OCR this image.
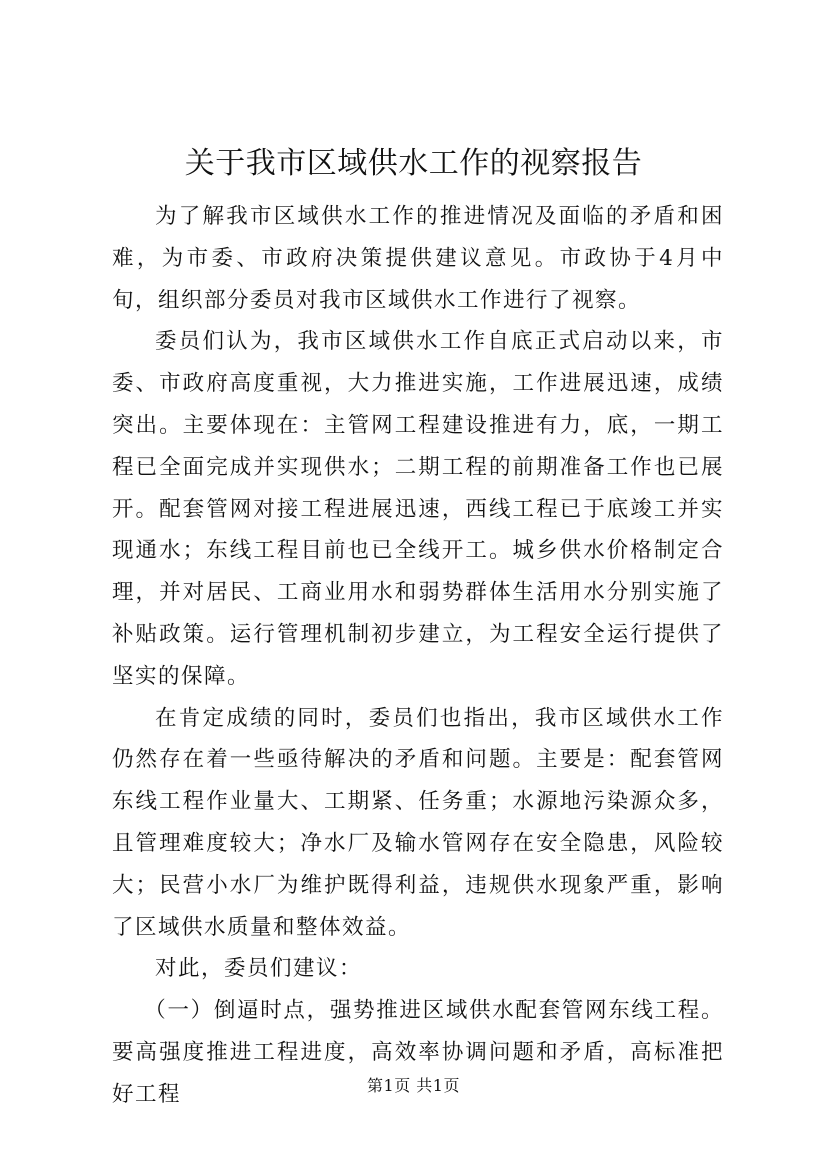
关于我市区域供水工作的视察报告

为了解我市区域供水工作的推进情况及面临的矛盾和困难，为市委、市政府决策提供建议意见。市政协于4月中旬，组织部分委员对我市区域供水工作进行了视察。

委员们认为，我市区域供水工作自底正式启动以来，市委、市政府高度重视，大力推进实施，工作进展迅速，成绩突出。主要体现在：主管网工程建设推进有力，底，一期工程已全面完成并实现供水；二期工程的前期准备工作也已展开。配套管网对接工程进展迅速，西线工程已于底竣工并实现通水；东线工程目前也已全线开工。城乡供水价格制定合理，并对居民、工商业用水和弱势群体生活用水分别实施了补贴政策。运行管理机制初步建立，为工程安全运行提供了坚实的保障。

在肯定成绩的同时，委员们也指出，我市区域供水工作仍然存在着一些亟待解决的矛盾和问题。主要是：配套管网东线工程作业量大、工期紧、任务重；水源地污染源众多，且管理难度较大；净水厂及输水管网存在安全隐患，风险较大；民营小水厂为维护既得利益，违规供水现象严重，影响了区域供水质量和整体效益。

对此，委员们建议：

（一）倒逼时点，强势推进区域供水配套管网东线工程。要高强度推进工程进度，高效率协调问题和矛盾，高标准把好工程	第1页 共1页
